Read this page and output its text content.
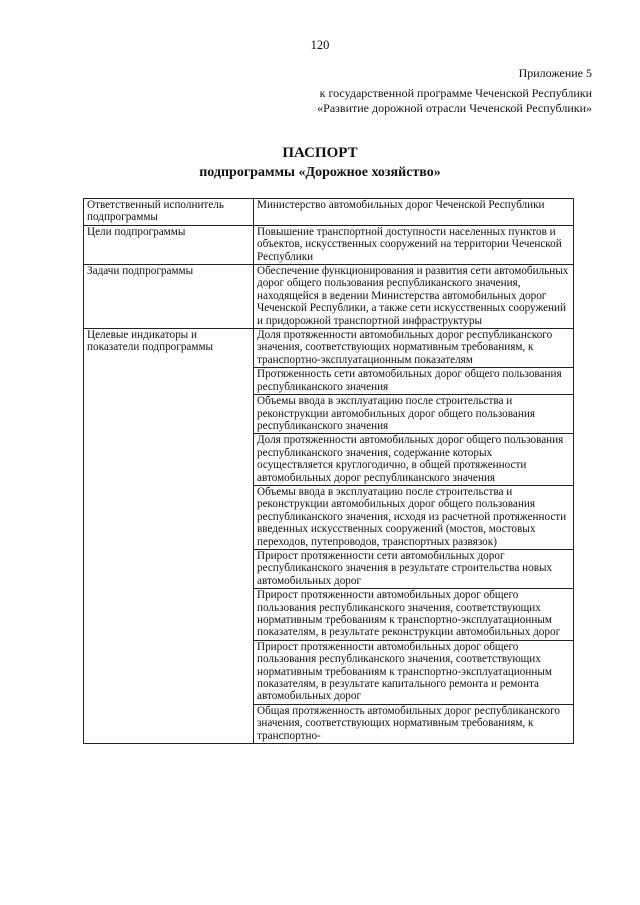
120
Приложение 5
к государственной программе Чеченской Республики
«Развитие дорожной отрасли Чеченской Республики»
ПАСПОРТ
подпрограммы «Дорожное хозяйство»
Ответственный исполнитель подпрограммы	Министерство автомобильных дорог Чеченской Республики
Цели подпрограммы	Повышение транспортной доступности населенных пунктов и объектов, искусственных сооружений на территории Чеченской Республики
Задачи подпрограммы	Обеспечение функционирования и развития сети автомобильных дорог общего пользования республиканского значения, находящейся в ведении Министерства автомобильных дорог Чеченской Республики, а также сети искусственных сооружений и придорожной транспортной инфраструктуры
Целевые индикаторы и показатели подпрограммы	Доля протяженности автомобильных дорог республиканского значения, соответствующих нормативным требованиям, к транспортно-эксплуатационным показателям
	Протяженность сети автомобильных дорог общего пользования республиканского значения
	Объемы ввода в эксплуатацию после строительства и реконструкции автомобильных дорог общего пользования республиканского значения
	Доля протяженности автомобильных дорог общего пользования республиканского значения, содержание которых осуществляется круглогодично, в общей протяженности автомобильных дорог республиканского значения
	Объемы ввода в эксплуатацию после строительства и реконструкции автомобильных дорог общего пользования республиканского значения, исходя из расчетной протяженности введенных искусственных сооружений (мостов, мостовых переходов, путепроводов, транспортных развязок)
	Прирост протяженности сети автомобильных дорог республиканского значения в результате строительства новых автомобильных дорог
	Прирост протяженности автомобильных дорог общего пользования республиканского значения, соответствующих нормативным требованиям к транспортно-эксплуатационным показателям, в результате реконструкции автомобильных дорог
	Прирост протяженности автомобильных дорог общего пользования республиканского значения, соответствующих нормативным требованиям к транспортно-эксплуатационным показателям, в результате капитального ремонта и ремонта автомобильных дорог
	Общая протяженность автомобильных дорог республиканского значения, соответствующих нормативным требованиям, к транспортно-
